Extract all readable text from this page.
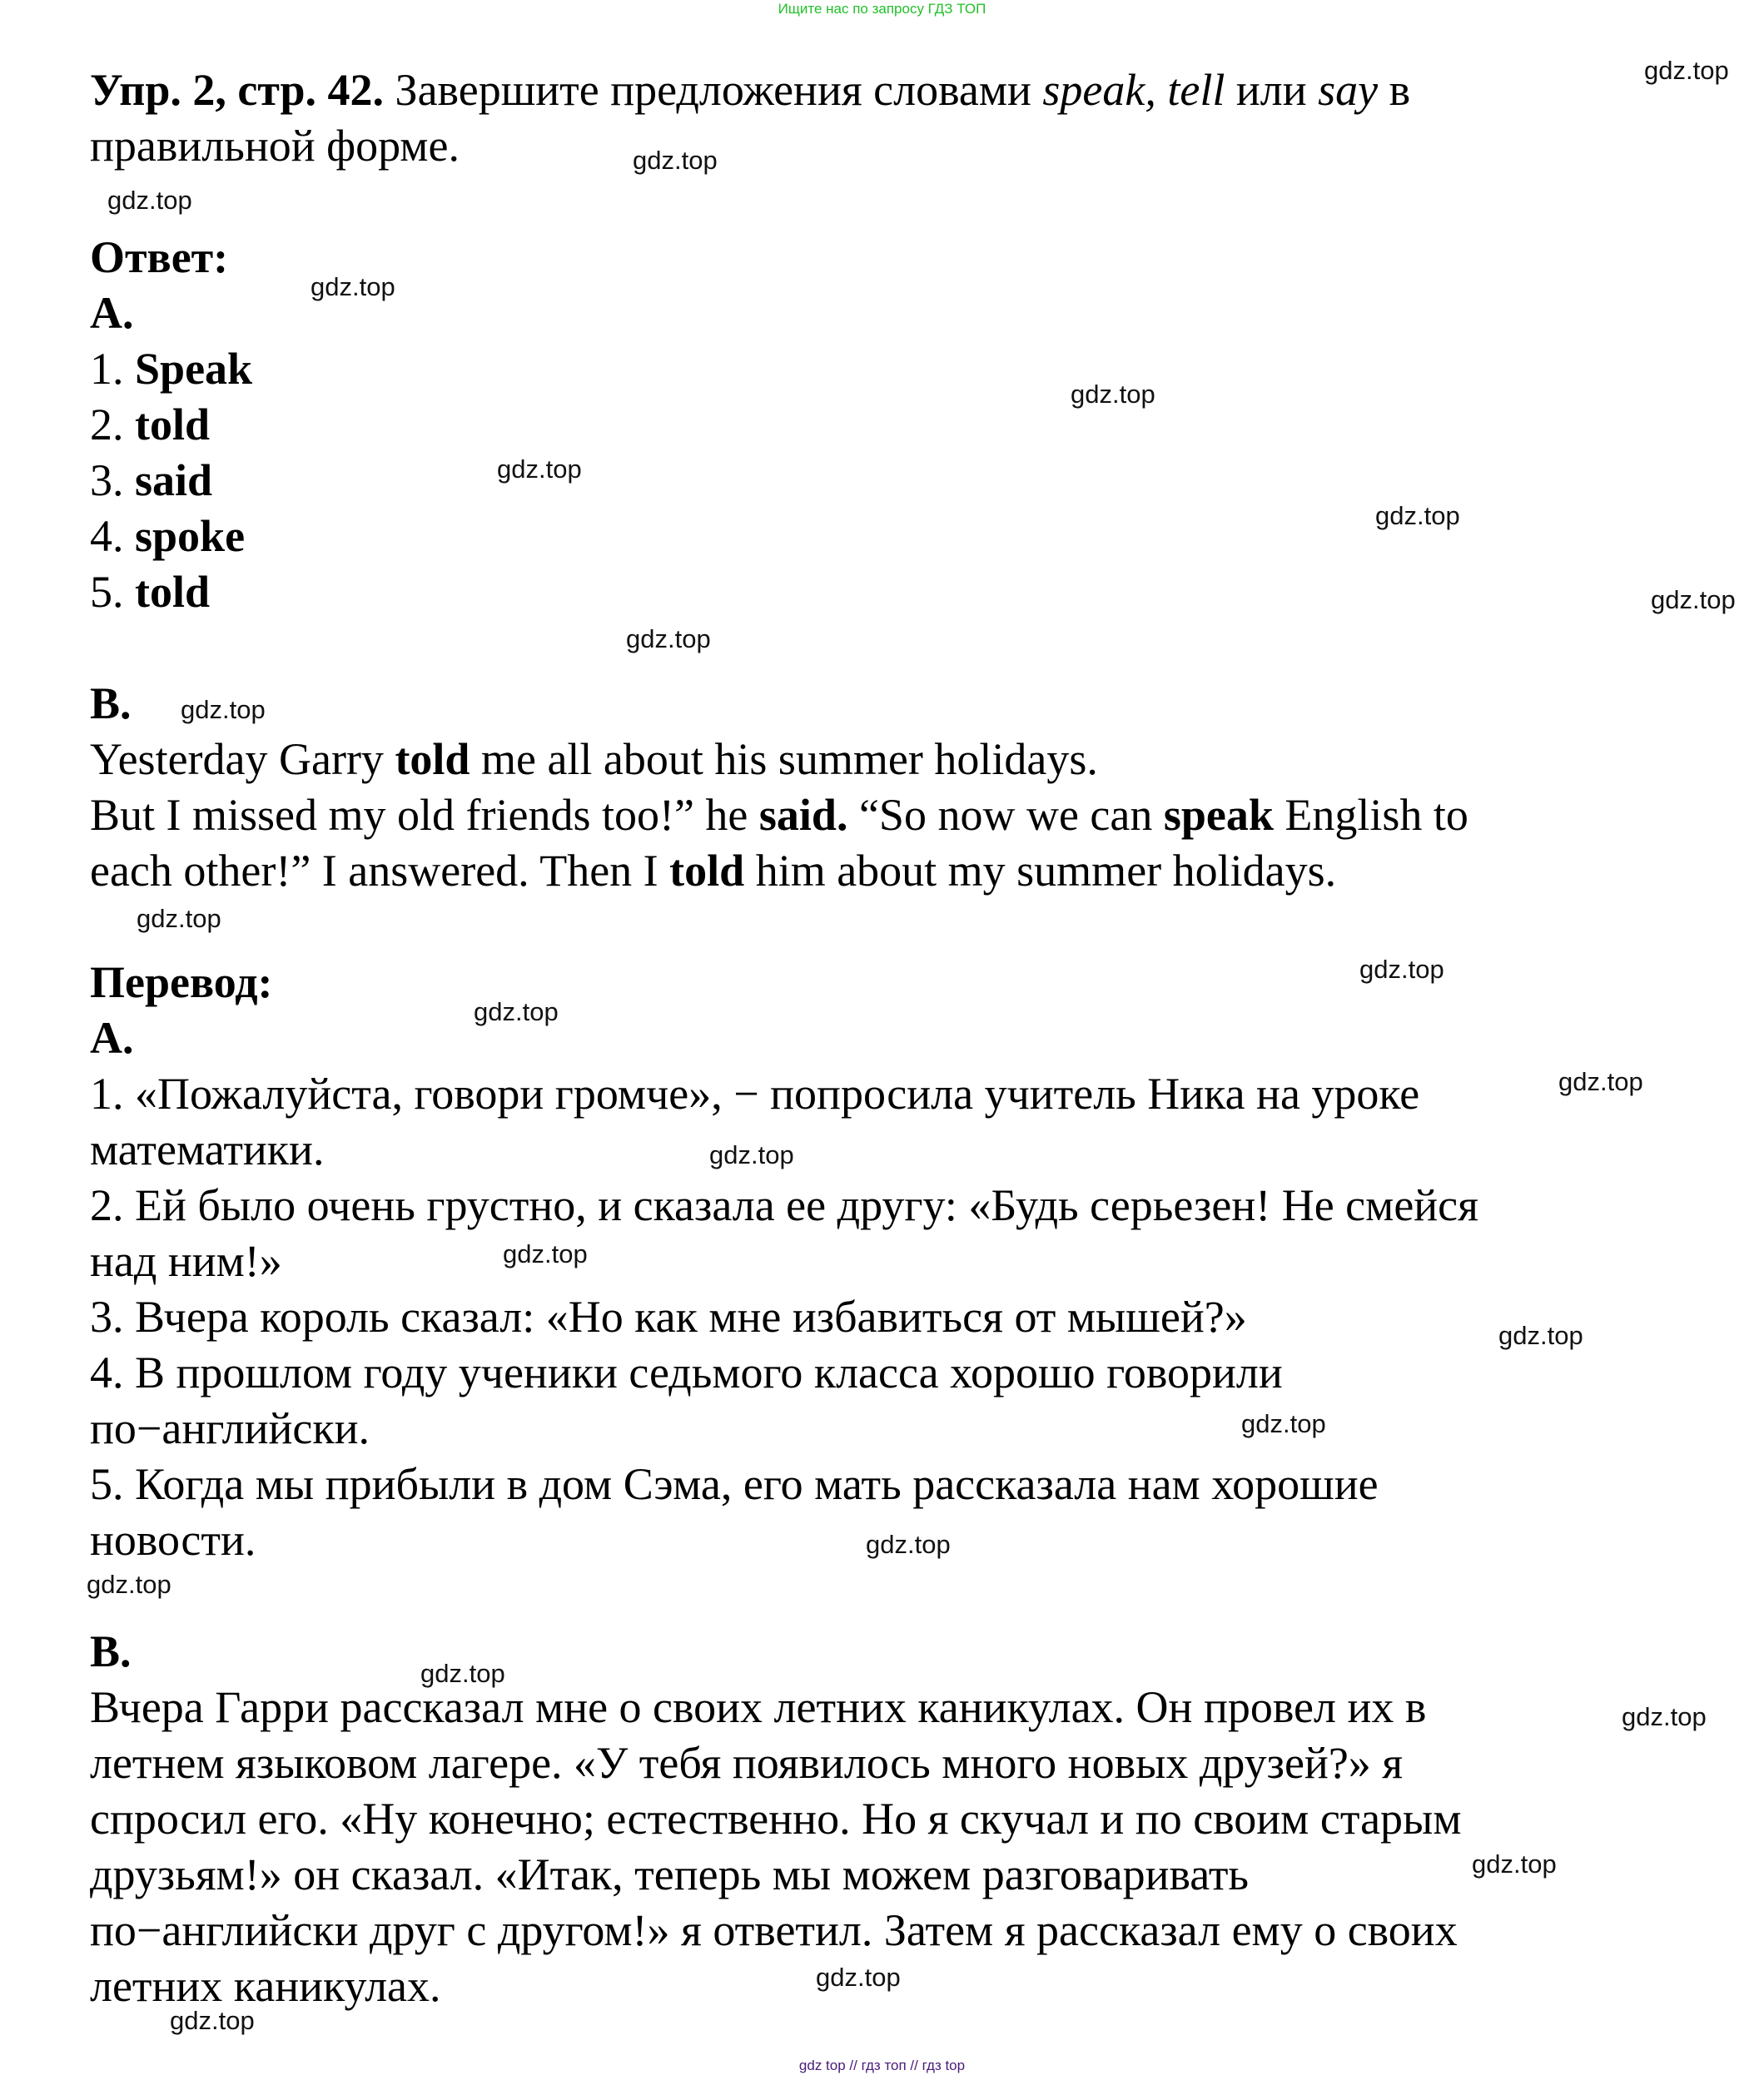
Ищите нас по запросу ГДЗ ТОП
Упр. 2, стр. 42. Завершите предложения словами speak, tell или say в
правильной форме.
Ответ:
A.
1. Speak
2. told
3. said
4. spoke
5. told
B.
Yesterday Garry told me all about his summer holidays.
But I missed my old friends too!” he said. “So now we can speak English to
each other!” I answered. Then I told him about my summer holidays.
Перевод:
A.
1. «Пожалуйста, говори громче», − попросила учитель Ника на уроке
математики.
2. Ей было очень грустно, и сказала ее другу: «Будь серьезен! Не смейся
над ним!»
3. Вчера король сказал: «Но как мне избавиться от мышей?»
4. В прошлом году ученики седьмого класса хорошо говорили
по−английски.
5. Когда мы прибыли в дом Сэма, его мать рассказала нам хорошие
новости.
B.
Вчера Гарри рассказал мне о своих летних каникулах. Он провел их в
летнем языковом лагере. «У тебя появилось много новых друзей?» я
спросил его. «Ну конечно; естественно. Но я скучал и по своим старым
друзьям!» он сказал. «Итак, теперь мы можем разговаривать
по−английски друг с другом!» я ответил. Затем я рассказал ему о своих
летних каникулах.
gdz.top
gdz.top
gdz.top
gdz.top
gdz.top
gdz.top
gdz.top
gdz.top
gdz.top
gdz.top
gdz.top
gdz.top
gdz.top
gdz.top
gdz.top
gdz.top
gdz.top
gdz.top
gdz.top
gdz.top
gdz.top
gdz.top
gdz.top
gdz.top
gdz.top
gdz top // гдз топ // гдз top
